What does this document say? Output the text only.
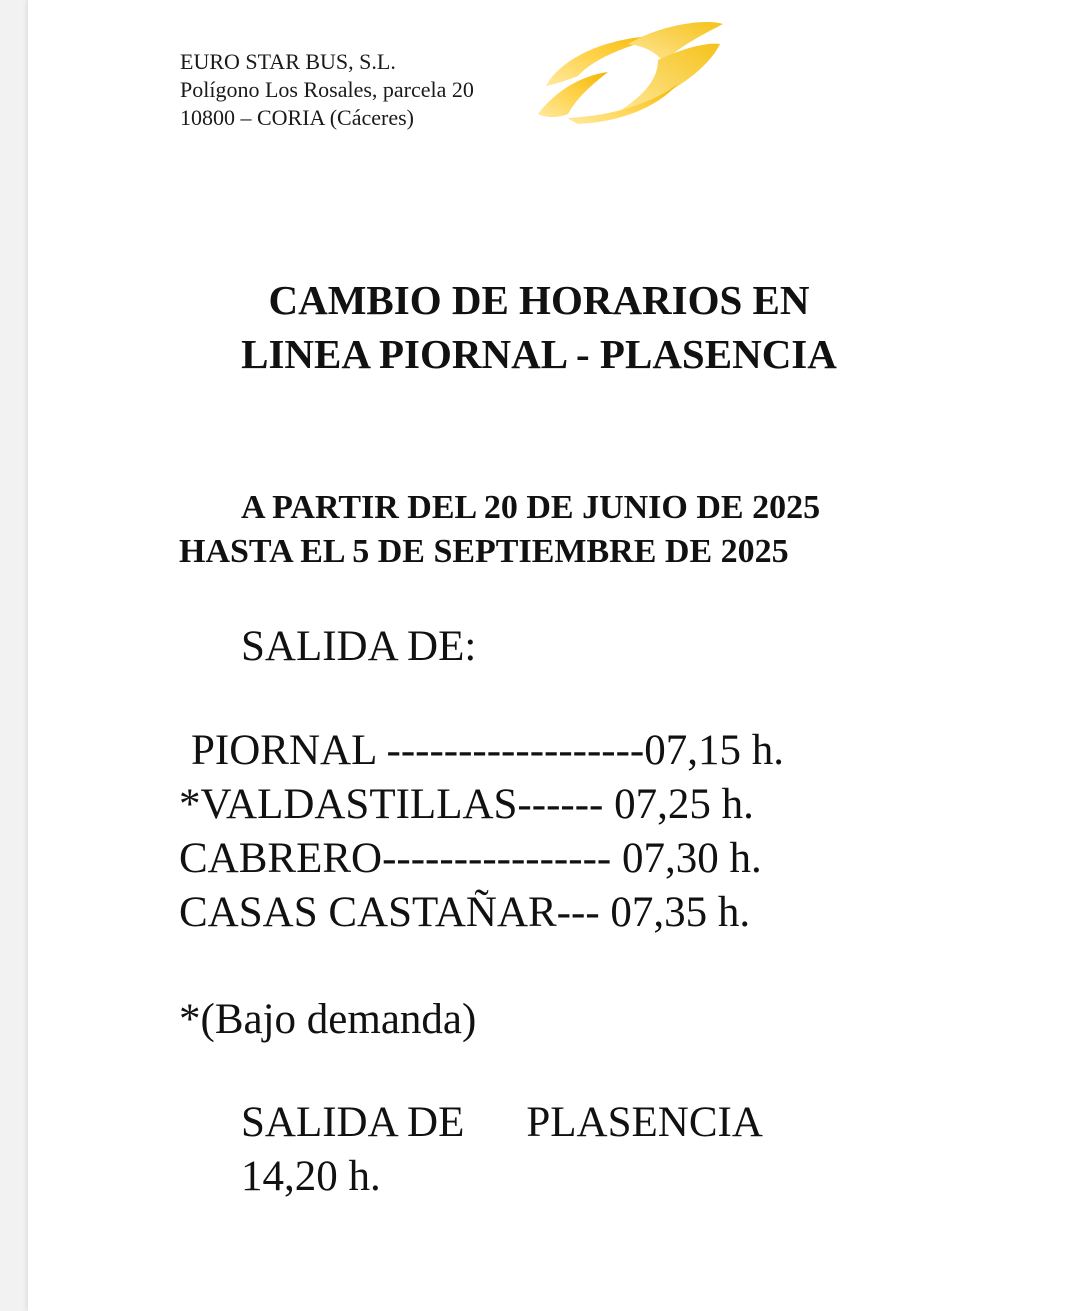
EURO STAR BUS, S.L.
Polígono Los Rosales, parcela 20
10800 – CORIA (Cáceres)
CAMBIO DE HORARIOS EN
LINEA PIORNAL - PLASENCIA
A PARTIR DEL 20 DE JUNIO DE 2025
HASTA EL 5 DE SEPTIEMBRE DE 2025
SALIDA DE:
PIORNAL ------------------07,15 h.
*VALDASTILLAS------ 07,25 h.
CABRERO---------------- 07,30 h.
CASAS CASTAÑAR--- 07,35 h.
*(Bajo demanda)
SALIDA DE PLASENCIA
14,20 h.
